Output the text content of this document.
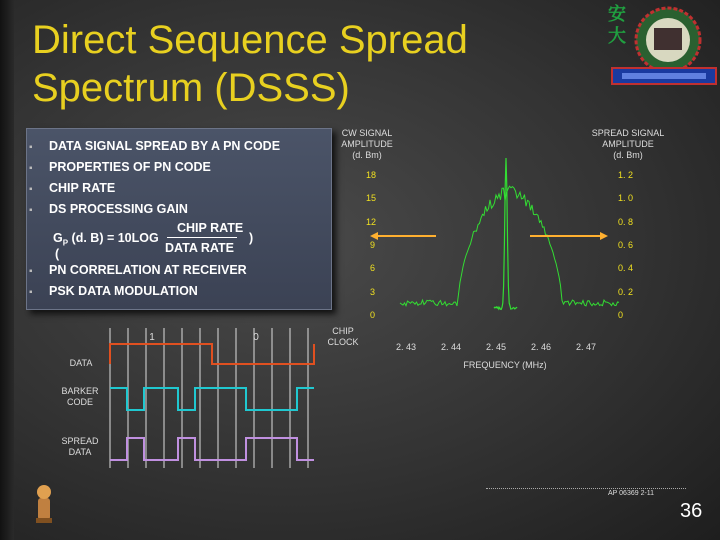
Direct Sequence Spread
Spectrum (DSSS)
安
大
▪ DATA SIGNAL SPREAD BY A PN CODE
▪ PROPERTIES OF PN CODE
▪ CHIP RATE
▪ DS PROCESSING GAIN
$G_P$ (d. B) = 10LOG
(
CHIP RATE
DATA RATE
)
▪ PN CORRELATION AT RECEIVER
▪ PSK DATA MODULATION
CW SIGNAL
AMPLITUDE
(d. Bm)
SPREAD SIGNAL
AMPLITUDE
(d. Bm)
18
15
12
9
6
3
0
1. 2
1. 0
0. 8
0. 6
0. 4
0. 2
0
2. 43	2. 44	2. 45	2. 46	2. 47
FREQUENCY (MHz)
1	0
CHIP
CLOCK
DATA
BARKER
CODE
SPREAD
DATA
AP 06369 2-11
36
